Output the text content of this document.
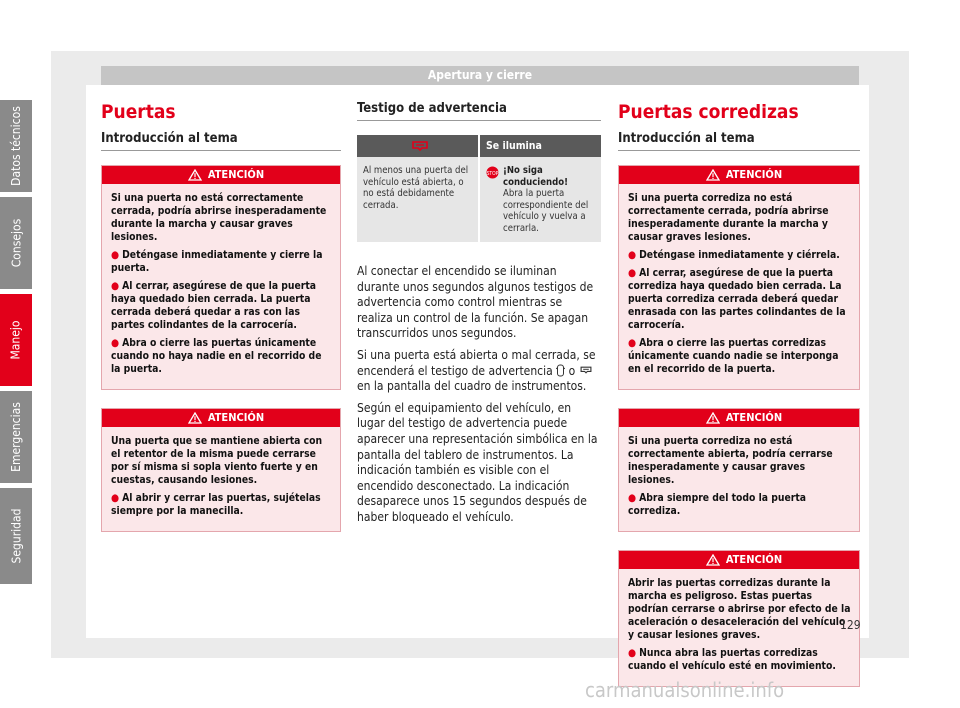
Apertura y cierre
Puertas
Introducción al tema
ATENCIÓN

Si una puerta no está correctamente cerrada, podría abrirse inesperadamente durante la marcha y causar graves lesiones.

● Deténgase inmediatamente y cierre la puerta.

● Al cerrar, asegúrese de que la puerta haya quedado bien cerrada. La puerta cerrada deberá quedar a ras con las partes colindantes de la carrocería.

● Abra o cierre las puertas únicamente cuando no haya nadie en el recorrido de la puerta.

ATENCIÓN

Una puerta que se mantiene abierta con el retentor de la misma puede cerrarse por sí misma si sopla viento fuerte y en cuestas, causando lesiones.

● Al abrir y cerrar las puertas, sujételas siempre por la manecilla.

Testigo de advertencia
	Se ilumina
Al menos una puerta del vehículo está abierta, o no está debidamente cerrada.	STOP ¡No siga conduciendo!
Abra la puerta correspondiente del vehículo y vuelva a cerrarla.

Al conectar el encendido se iluminan durante unos segundos algunos testigos de advertencia como control mientras se realiza un control de la función. Se apagan transcurridos unos segundos.

Si una puerta está abierta o mal cerrada, se encenderá el testigo de advertencia o  en la pantalla del cuadro de instrumentos.

Según el equipamiento del vehículo, en lugar del testigo de advertencia puede aparecer una representación simbólica en la pantalla del tablero de instrumentos. La indicación también es visible con el encendido desconectado. La indicación desaparece unos 15 segundos después de haber bloqueado el vehículo.

Puertas corredizas
Introducción al tema
ATENCIÓN

Si una puerta corrediza no está correctamente cerrada, podría abrirse inesperadamente durante la marcha y causar graves lesiones.

● Deténgase inmediatamente y ciérrela.

● Al cerrar, asegúrese de que la puerta corrediza haya quedado bien cerrada. La puerta corrediza cerrada deberá quedar enrasada con las partes colindantes de la carrocería.

● Abra o cierre las puertas corredizas únicamente cuando nadie se interponga en el recorrido de la puerta.

ATENCIÓN

Si una puerta corrediza no está correctamente abierta, podría cerrarse inesperadamente y causar graves lesiones.

● Abra siempre del todo la puerta corrediza.

ATENCIÓN

Abrir las puertas corredizas durante la marcha es peligroso. Estas puertas podrían cerrarse o abrirse por efecto de la aceleración o desaceleración del vehículo y causar lesiones graves.

● Nunca abra las puertas corredizas cuando el vehículo esté en movimiento.

Datos técnicos
Consejos
Manejo
Emergencias
Seguridad
129
carmanualsonline.info
